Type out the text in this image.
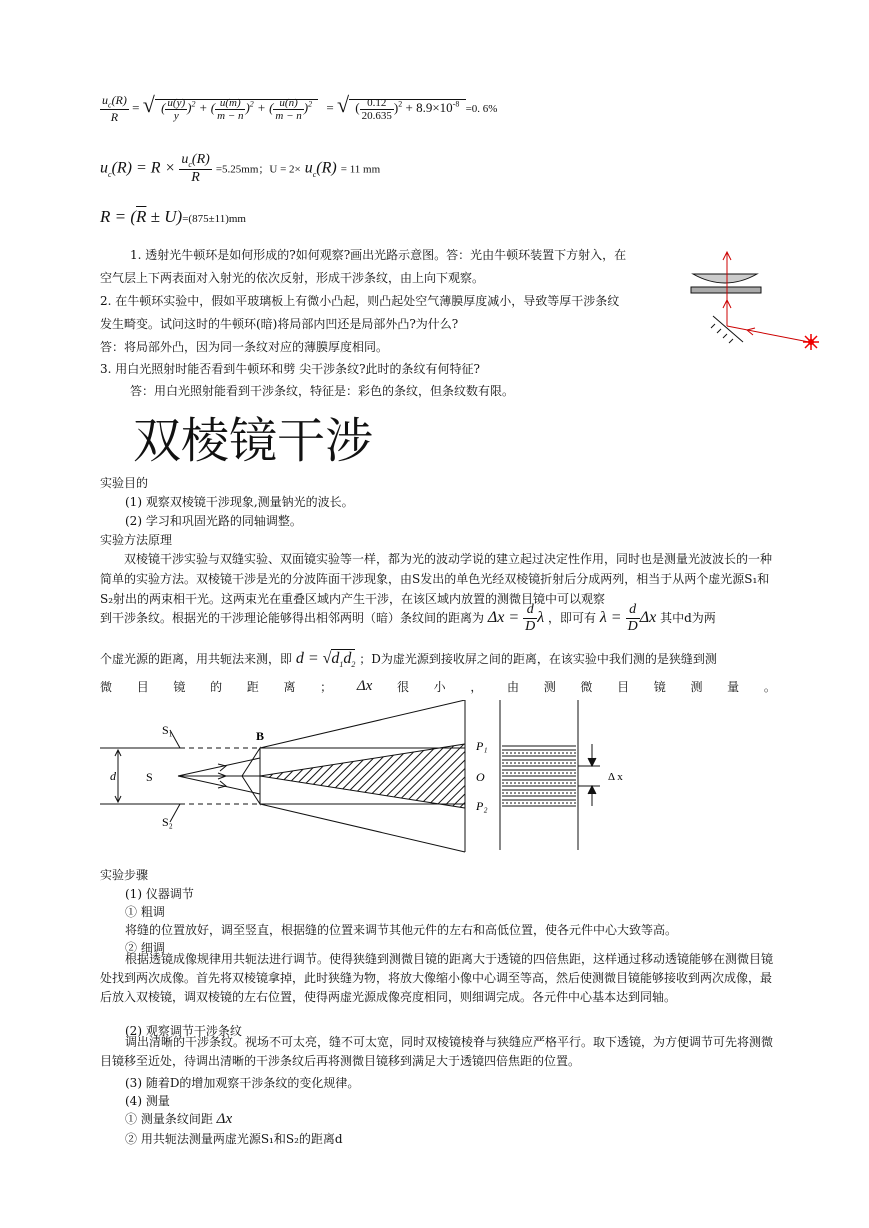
$\frac{u_c(R)}{R}$ = √ ( $\frac{u(y)}{y} )^2$ + ( $\frac{u(m)}{m - n} )^2$ + ( $\frac{u(n)}{m - n} )^2$ = √ ( $\frac{0.12}{20.635} )^2 + 8.9\times 10^{-8} =0$. 6%
$u_c(R) = R \times \frac{u_c(R)}{R} =5.25mm$；$U = 2\times u_c(R) = 11$ mm
$R = (\overline{R} \pm U)=(875\pm 11)mm$
1. 透射光牛顿环是如何形成的?如何观察?画出光路示意图。答：光由牛顿环装置下方射入，在
空气层上下两表面对入射光的依次反射，形成干涉条纹，由上向下观察。
2. 在牛顿环实验中，假如平玻璃板上有微小凸起，则凸起处空气薄膜厚度减小，导致等厚干涉条纹
发生畸变。试问这时的牛顿环(暗)将局部内凹还是局部外凸?为什么?
答：将局部外凸，因为同一条纹对应的薄膜厚度相同。
3. 用白光照射时能否看到牛顿环和劈 尖干涉条纹?此时的条纹有何特征?
答：用白光照射能看到干涉条纹，特征是：彩色的条纹，但条纹数有限。
双棱镜干涉
实验目的
(1) 观察双棱镜干涉现象,测量钠光的波长。
(2) 学习和巩固光路的同轴调整。
实验方法原理
双棱镜干涉实验与双缝实验、双面镜实验等一样，都为光的波动学说的建立起过决定性作用，同时也是测量光波波长的一种简单的实验方法。双棱镜干涉是光的分波阵面干涉现象，由S发出的单色光经双棱镜折射后分成两列，相当于从两个虚光源S₁和S₂射出的两束相干光。这两束光在重叠区域内产生干涉，在该区域内放置的测微目镜中可以观察
到干涉条纹。根据光的干涉理论能够得出相邻两明（暗）条纹间的距离为 $\Delta x = \frac{d}{D}$ λ ，即可有 $\lambda = \frac{d}{D}$ Δx 其中d为两
个虚光源的距离，用共轭法来测，即 $d = √d_1d_2$ ；D为虚光源到接收屏之间的距离，在该实验中我们测的是狭缝到测
微 目 镜 的 距 离 ； Δx 很 小 ， 由 测 微 目 镜 测 量 。
S₁
S
S₂
B
d
P₁
O
P₂
Δ x
实验步骤
(1) 仪器调节
① 粗调
将缝的位置放好，调至竖直，根据缝的位置来调节其他元件的左右和高低位置，使各元件中心大致等高。
② 细调
根据透镜成像规律用共轭法进行调节。使得狭缝到测微目镜的距离大于透镜的四倍焦距，这样通过移动透镜能够在测微目镜处找到两次成像。首先将双棱镜拿掉，此时狭缝为物，将放大像缩小像中心调至等高，然后使测微目镜能够接收到两次成像，最后放入双棱镜，调双棱镜的左右位置，使得两虚光源成像亮度相同，则细调完成。各元件中心基本达到同轴。
(2) 观察调节干涉条纹
调出清晰的干涉条纹。视场不可太亮，缝不可太宽，同时双棱镜棱脊与狭缝应严格平行。取下透镜，为方便调节可先将测微目镜移至近处，待调出清晰的干涉条纹后再将测微目镜移到满足大于透镜四倍焦距的位置。
(3) 随着D的增加观察干涉条纹的变化规律。
(4) 测量
① 测量条纹间距 Δx
② 用共轭法测量两虚光源S₁和S₂的距离d
